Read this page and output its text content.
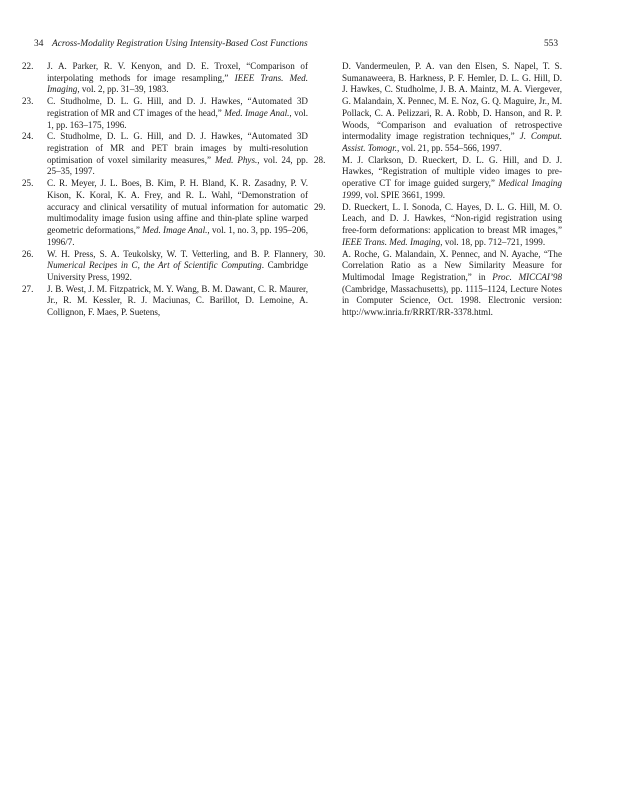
34 Across-Modality Registration Using Intensity-Based Cost Functions	553
22. J. A. Parker, R. V. Kenyon, and D. E. Troxel, “Comparison of interpolating methods for image resampling,” IEEE Trans. Med. Imaging, vol. 2, pp. 31–39, 1983.
23. C. Studholme, D. L. G. Hill, and D. J. Hawkes, “Automated 3D registration of MR and CT images of the head,” Med. Image Anal., vol. 1, pp. 163–175, 1996.
24. C. Studholme, D. L. G. Hill, and D. J. Hawkes, “Automated 3D registration of MR and PET brain images by multi-resolution optimisation of voxel similarity measures,” Med. Phys., vol. 24, pp. 25–35, 1997.
25. C. R. Meyer, J. L. Boes, B. Kim, P. H. Bland, K. R. Zasadny, P. V. Kison, K. Koral, K. A. Frey, and R. L. Wahl, “Demonstration of accuracy and clinical versatility of mutual information for automatic multimodality image fusion using affine and thin-plate spline warped geometric deformations,” Med. Image Anal., vol. 1, no. 3, pp. 195–206, 1996/7.
26. W. H. Press, S. A. Teukolsky, W. T. Vetterling, and B. P. Flannery, Numerical Recipes in C, the Art of Scientific Computing. Cambridge University Press, 1992.
27. J. B. West, J. M. Fitzpatrick, M. Y. Wang, B. M. Dawant, C. R. Maurer, Jr., R. M. Kessler, R. J. Maciunas, C. Barillot, D. Lemoine, A. Collignon, F. Maes, P. Suetens,
D. Vandermeulen, P. A. van den Elsen, S. Napel, T. S. Sumanaweera, B. Harkness, P. F. Hemler, D. L. G. Hill, D. J. Hawkes, C. Studholme, J. B. A. Maintz, M. A. Viergever, G. Malandain, X. Pennec, M. E. Noz, G. Q. Maguire, Jr., M. Pollack, C. A. Pelizzari, R. A. Robb, D. Hanson, and R. P. Woods, “Comparison and evaluation of retrospective intermodality image registration techniques,” J. Comput. Assist. Tomogr., vol. 21, pp. 554–566, 1997.
28. M. J. Clarkson, D. Rueckert, D. L. G. Hill, and D. J. Hawkes, “Registration of multiple video images to pre-operative CT for image guided surgery,” Medical Imaging 1999, vol. SPIE 3661, 1999.
29. D. Rueckert, L. I. Sonoda, C. Hayes, D. L. G. Hill, M. O. Leach, and D. J. Hawkes, “Non-rigid registration using free-form deformations: application to breast MR images,” IEEE Trans. Med. Imaging, vol. 18, pp. 712–721, 1999.
30. A. Roche, G. Malandain, X. Pennec, and N. Ayache, “The Correlation Ratio as a New Similarity Measure for Multimodal Image Registration,” in Proc. MICCAI’98 (Cambridge, Massachusetts), pp. 1115–1124, Lecture Notes in Computer Science, Oct. 1998. Electronic version: http://www.inria.fr/RRRT/RR-3378.html.
